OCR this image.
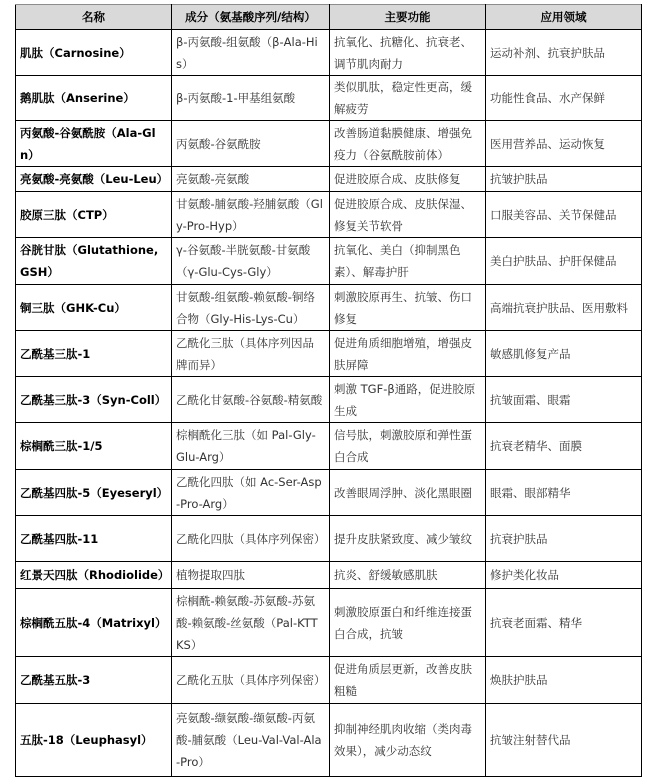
名称	成分（氨基酸序列/结构）	主要功能	应用领域
肌肽（Carnosine）	β-丙氨酸-组氨酸（β-Ala-His）	抗氧化、抗糖化、抗衰老、调节肌肉耐力	运动补剂、抗衰护肤品
鹅肌肽（Anserine）	β-丙氨酸-1-甲基组氨酸	类似肌肽，稳定性更高，缓解疲劳	功能性食品、水产保鲜
丙氨酸-谷氨酰胺（Ala-Gln）	丙氨酸-谷氨酰胺	改善肠道黏膜健康、增强免疫力（谷氨酰胺前体）	医用营养品、运动恢复
亮氨酸-亮氨酸（Leu-Leu）	亮氨酸-亮氨酸	促进胶原合成、皮肤修复	抗皱护肤品
胶原三肽（CTP）	甘氨酸-脯氨酸-羟脯氨酸（Gly-Pro-Hyp）	促进胶原合成、皮肤保湿、修复关节软骨	口服美容品、关节保健品
谷胱甘肽（Glutathione, GSH）	γ-谷氨酸-半胱氨酸-甘氨酸（γ-Glu-Cys-Gly）	抗氧化、美白（抑制黑色素）、解毒护肝	美白护肤品、护肝保健品
铜三肽（GHK-Cu）	甘氨酸-组氨酸-赖氨酸-铜络合物（Gly-His-Lys-Cu）	刺激胶原再生、抗皱、伤口修复	高端抗衰护肤品、医用敷料
乙酰基三肽-1	乙酰化三肽（具体序列因品牌而异）	促进角质细胞增殖，增强皮肤屏障	敏感肌修复产品
乙酰基三肽-3（Syn-Coll）	乙酰化甘氨酸-谷氨酸-精氨酸	刺激 TGF-β通路，促进胶原生成	抗皱面霜、眼霜
棕榈酰三肽-1/5	棕榈酰化三肽（如 Pal-Gly-Glu-Arg）	信号肽，刺激胶原和弹性蛋白合成	抗衰老精华、面膜
乙酰基四肽-5（Eyeseryl）	乙酰化四肽（如 Ac-Ser-Asp-Pro-Arg）	改善眼周浮肿、淡化黑眼圈	眼霜、眼部精华
乙酰基四肽-11	乙酰化四肽（具体序列保密）	提升皮肤紧致度、减少皱纹	抗衰护肤品
红景天四肽（Rhodiolide）	植物提取四肽	抗炎、舒缓敏感肌肤	修护类化妆品
棕榈酰五肽-4（Matrixyl）	棕榈酰-赖氨酸-苏氨酸-苏氨酸-赖氨酸-丝氨酸（Pal-KTTKS）	刺激胶原蛋白和纤维连接蛋白合成，抗皱	抗衰老面霜、精华
乙酰基五肽-3	乙酰化五肽（具体序列保密）	促进角质层更新，改善皮肤粗糙	焕肤护肤品
五肽-18（Leuphasyl）	亮氨酸-缬氨酸-缬氨酸-丙氨酸-脯氨酸（Leu-Val-Val-Ala-Pro）	抑制神经肌肉收缩（类肉毒效果），减少动态纹	抗皱注射替代品
